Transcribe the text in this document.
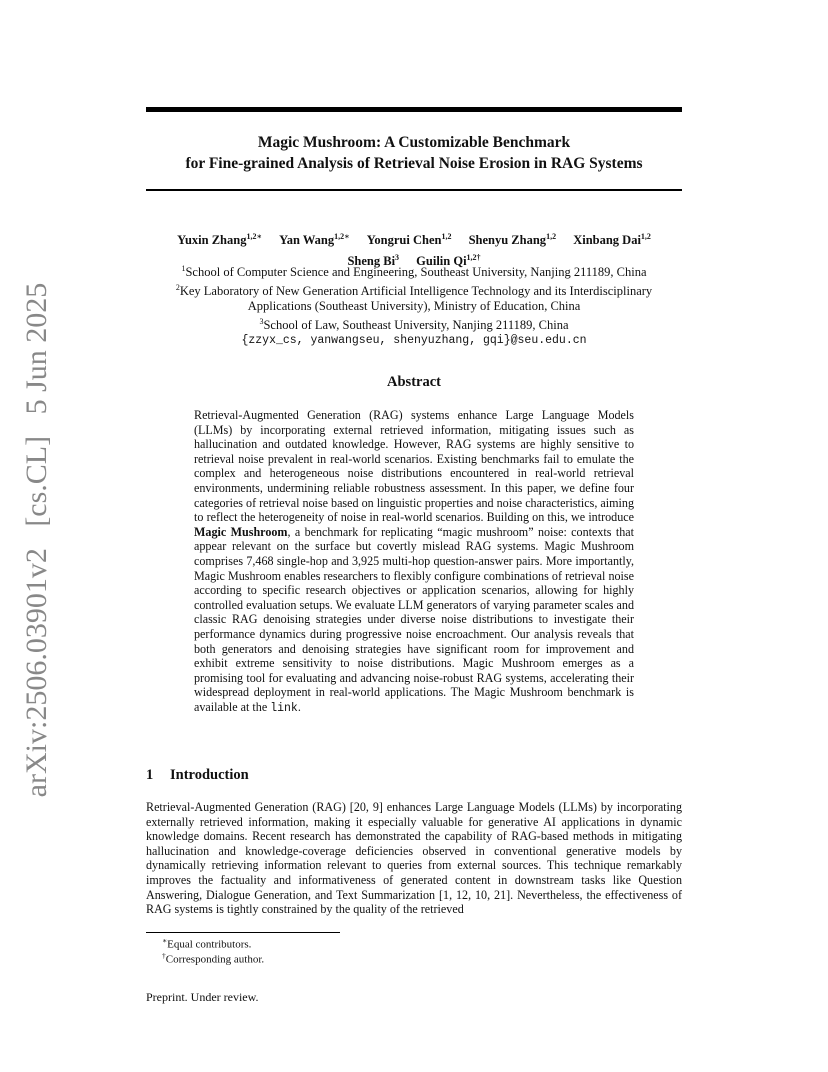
arXiv:2506.03901v2 [cs.CL] 5 Jun 2025
Magic Mushroom: A Customizable Benchmark
for Fine-grained Analysis of Retrieval Noise Erosion in RAG Systems
Yuxin Zhang$^{1,2∗}$ Yan Wang$^{1,2∗}$ Yongrui Chen$^{1,2}$ Shenyu Zhang$^{1,2}$ Xinbang Dai$^{1,2}$
Sheng Bi$^3$ Guilin $Qi^{1,2\dagger}$
$^1$School of Computer Science and Engineering, Southeast University, Nanjing 211189, China
$^2$Key Laboratory of New Generation Artificial Intelligence Technology and its Interdisciplinary
Applications (Southeast University), Ministry of Education, China
$^3$School of Law, Southeast University, Nanjing 211189, China
{zzyx_cs, yanwangseu, shenyuzhang, gqi}@seu.edu.cn
Abstract
Retrieval-Augmented Generation (RAG) systems enhance Large Language Models (LLMs) by incorporating external retrieved information, mitigating issues such as hallucination and outdated knowledge. However, RAG systems are highly sensitive to retrieval noise prevalent in real-world scenarios. Existing benchmarks fail to emulate the complex and heterogeneous noise distributions encountered in real-world retrieval environments, undermining reliable robustness assessment. In this paper, we define four categories of retrieval noise based on linguistic properties and noise characteristics, aiming to reflect the heterogeneity of noise in real-world scenarios. Building on this, we introduce Magic Mushroom, a benchmark for replicating “magic mushroom” noise: contexts that appear relevant on the surface but covertly mislead RAG systems. Magic Mushroom comprises 7,468 single-hop and 3,925 multi-hop question-answer pairs. More importantly, Magic Mushroom enables researchers to flexibly configure combinations of retrieval noise according to specific research objectives or application scenarios, allowing for highly controlled evaluation setups. We evaluate LLM generators of varying parameter scales and classic RAG denoising strategies under diverse noise distributions to investigate their performance dynamics during progressive noise encroachment. Our analysis reveals that both generators and denoising strategies have significant room for improvement and exhibit extreme sensitivity to noise distributions. Magic Mushroom emerges as a promising tool for evaluating and advancing noise-robust RAG systems, accelerating their widespread deployment in real-world applications. The Magic Mushroom benchmark is available at the link.
1 Introduction
Retrieval-Augmented Generation (RAG) [20, 9] enhances Large Language Models (LLMs) by incorporating externally retrieved information, making it especially valuable for generative AI applications in dynamic knowledge domains. Recent research has demonstrated the capability of RAG-based methods in mitigating hallucination and knowledge-coverage deficiencies observed in conventional generative models by dynamically retrieving information relevant to queries from external sources. This technique remarkably improves the factuality and informativeness of generated content in downstream tasks like Question Answering, Dialogue Generation, and Text Summarization [1, 12, 10, 21]. Nevertheless, the effectiveness of RAG systems is tightly constrained by the quality of the retrieved
∗Equal contributors.
†Corresponding author.
Preprint. Under review.
